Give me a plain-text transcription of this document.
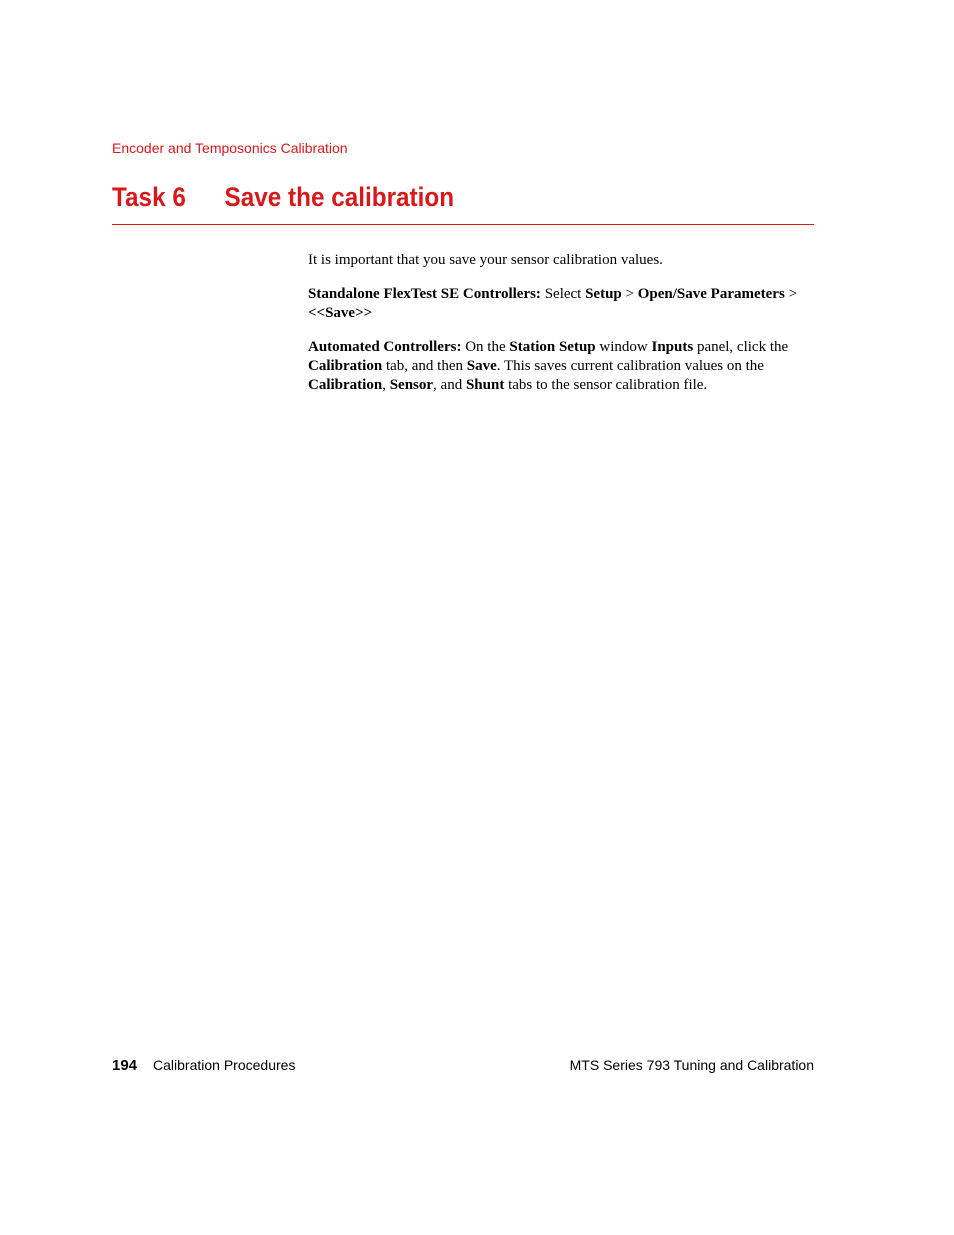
Encoder and Temposonics Calibration
Task 6 Save the calibration

It is important that you save your sensor calibration values.

Standalone FlexTest SE Controllers: Select Setup > Open/Save Parameters > <<Save>>

Automated Controllers: On the Station Setup window Inputs panel, click the Calibration tab, and then Save. This saves current calibration values on the Calibration, Sensor, and Shunt tabs to the sensor calibration file.

194 Calibration Procedures	MTS Series 793 Tuning and Calibration
